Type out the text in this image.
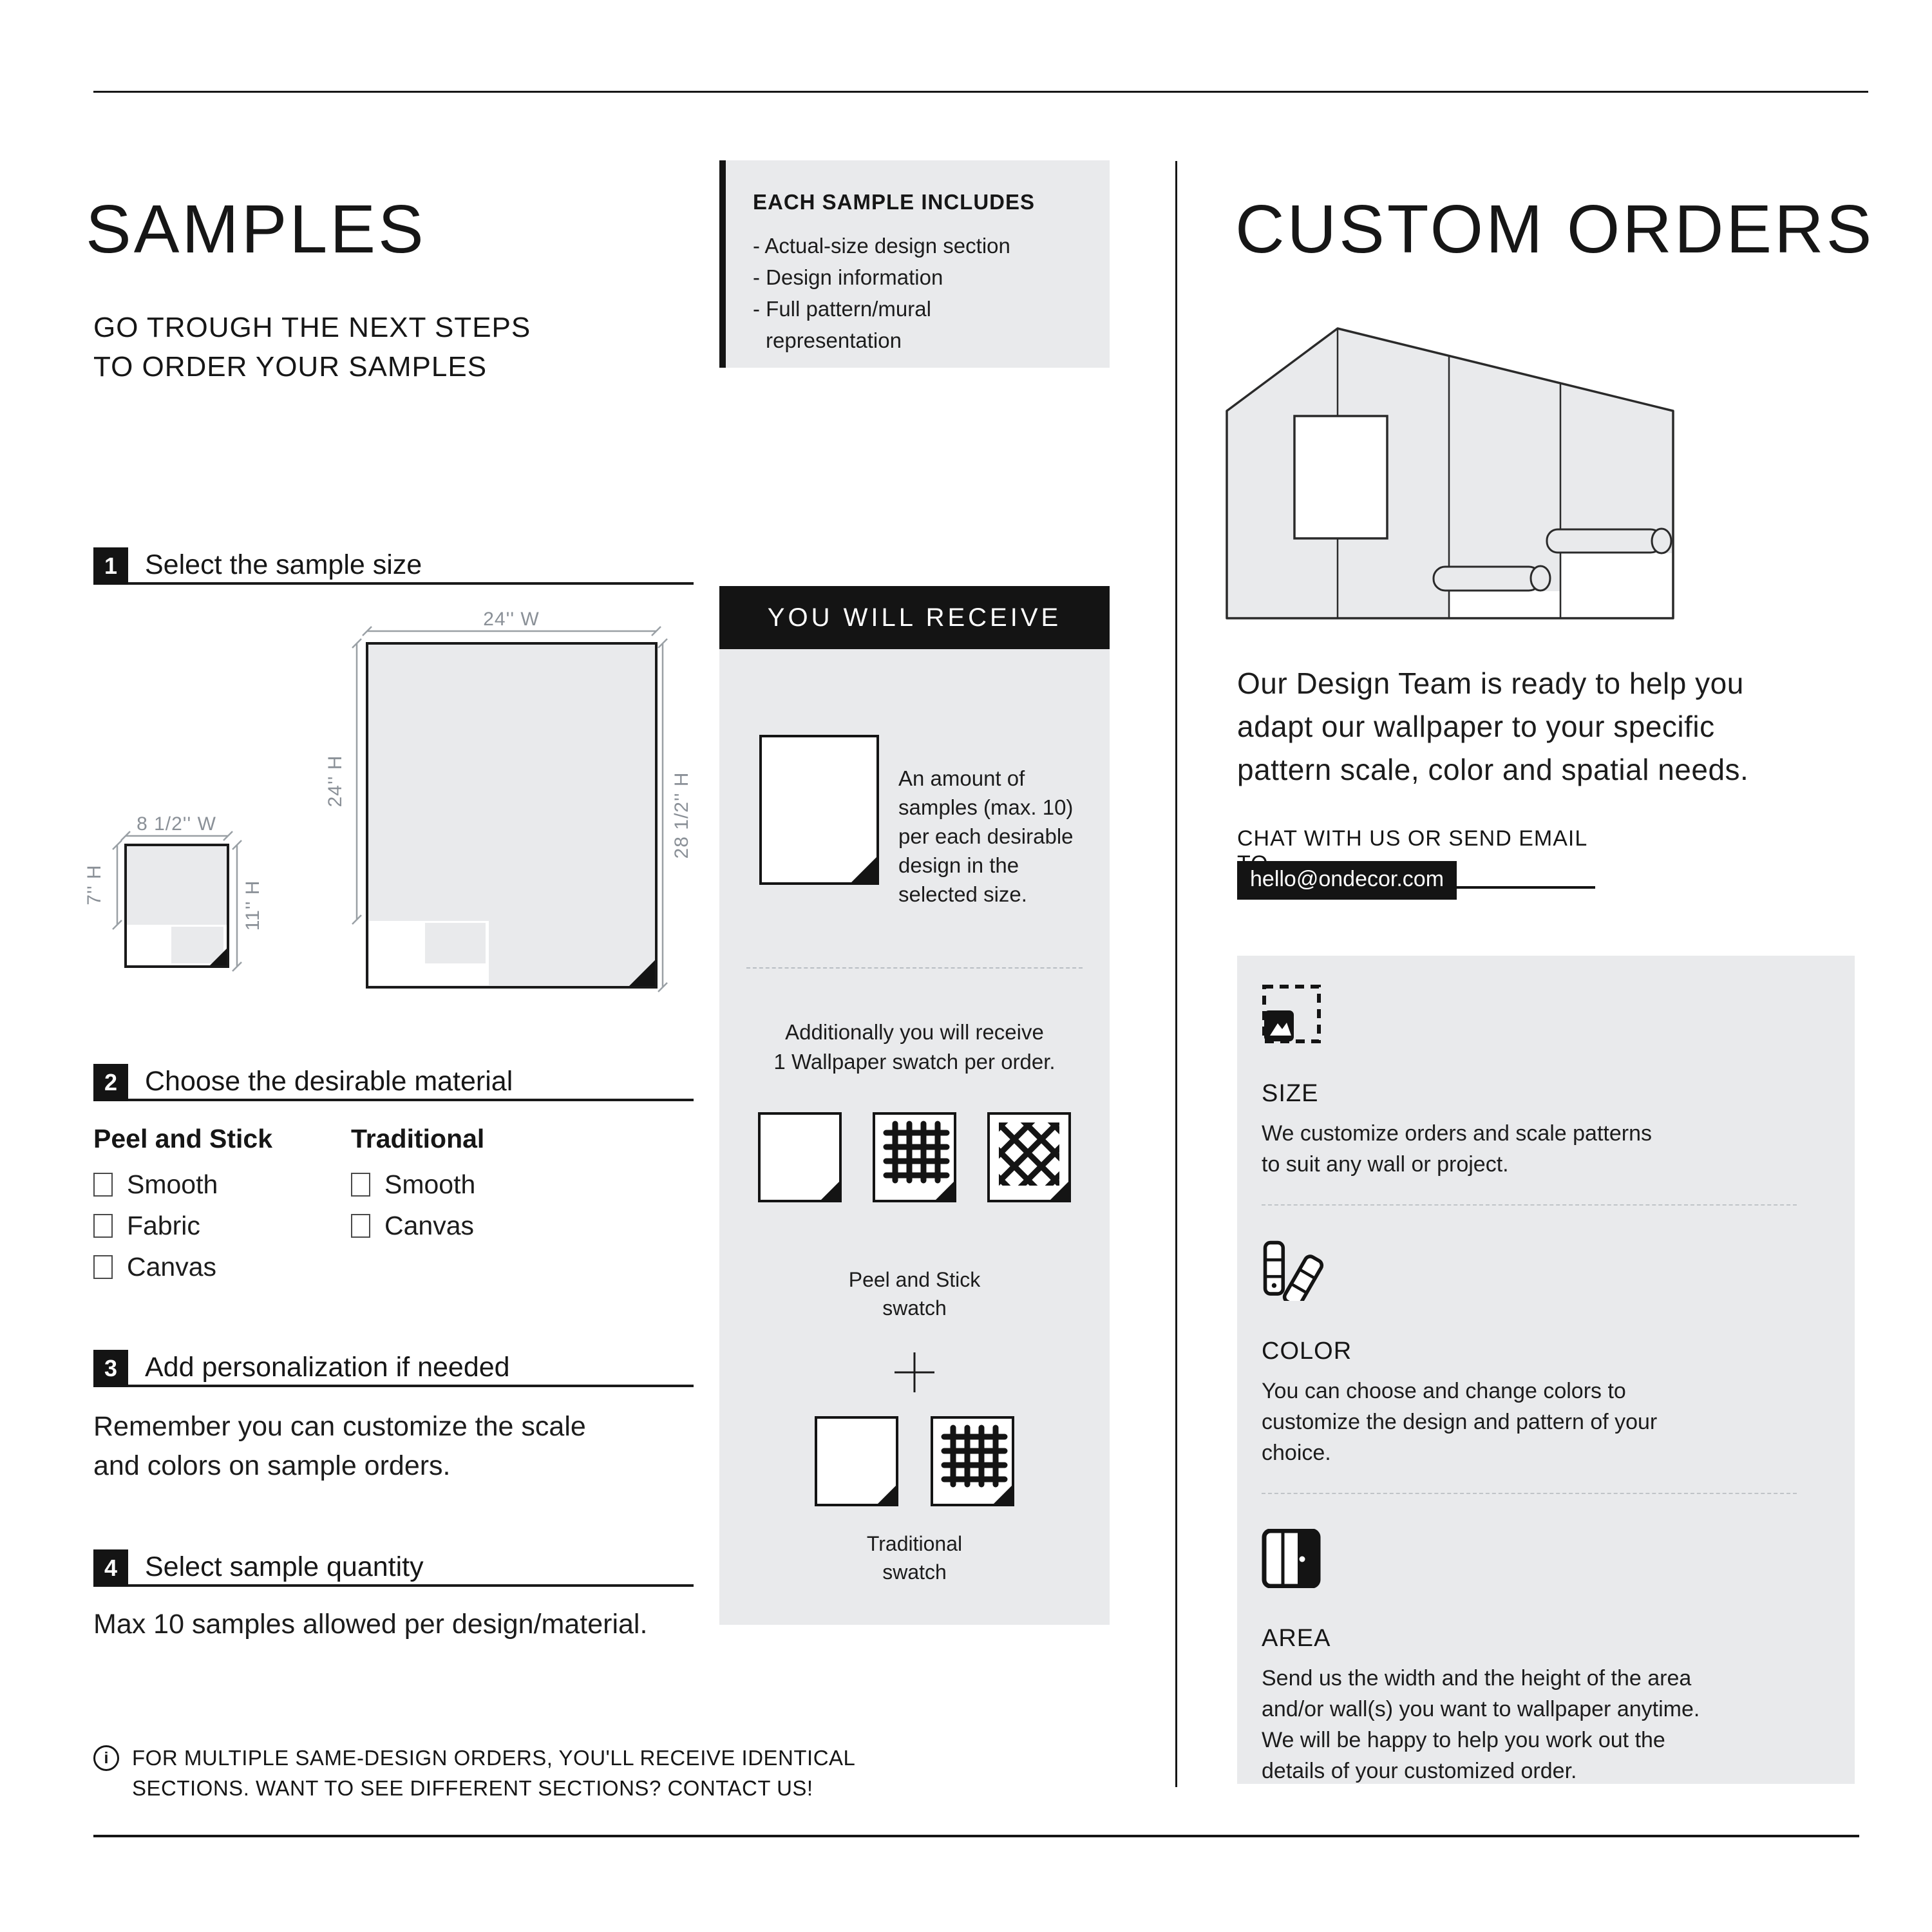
SAMPLES
GO TROUGH THE NEXT STEPS
TO ORDER YOUR SAMPLES
EACH SAMPLE INCLUDES
- Actual-size design section
- Design information
- Full pattern/mural
representation
1 Select the sample size
24'' W
24'' H	28 1/2'' H
8 1/2'' W
7'' H	11'' H
2 Choose the desirable material
Peel and Stick
Smooth
Fabric
Canvas
Traditional
Smooth
Canvas
3 Add personalization if needed
Remember you can customize the scale
and colors on sample orders.
4 Select sample quantity
Max 10 samples allowed per design/material.
i	FOR MULTIPLE SAME-DESIGN ORDERS, YOU'LL RECEIVE IDENTICAL
SECTIONS. WANT TO SEE DIFFERENT SECTIONS? CONTACT US!
YOU WILL RECEIVE
An amount of
samples (max. 10)
per each desirable
design in the
selected size.
Additionally you will receive
1 Wallpaper swatch per order.
Peel and Stick
swatch
Traditional
swatch
CUSTOM ORDERS
Our Design Team is ready to help you
adapt our wallpaper to your specific
pattern scale, color and spatial needs.
CHAT WITH US OR SEND EMAIL
hello@ondecor.com
SIZE

We customize orders and scale patterns
to suit any wall or project.

COLOR

You can choose and change colors to
customize the design and pattern of your
choice.

AREA

Send us the width and the height of the area
and/or wall(s) you want to wallpaper anytime.
We will be happy to help you work out the
details of your customized order.
